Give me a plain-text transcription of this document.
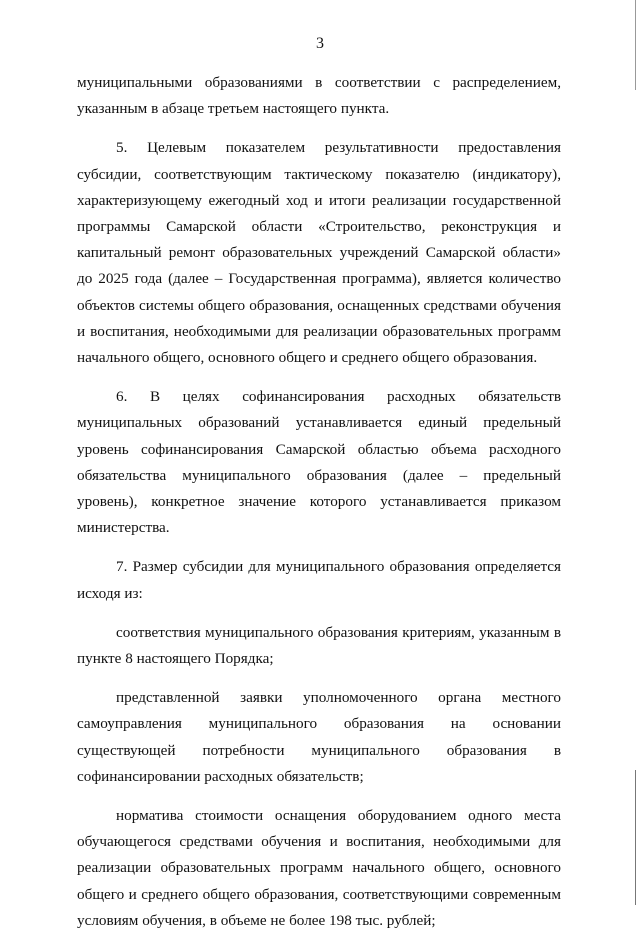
3

муниципальными образованиями в соответствии с распределением, указанным в абзаце третьем настоящего пункта.

5. Целевым показателем результативности предоставления субсидии, соответствующим тактическому показателю (индикатору), характеризующему ежегодный ход и итоги реализации государственной программы Самарской области «Строительство, реконструкция и капитальный ремонт образовательных учреждений Самарской области» до 2025 года (далее – Государственная программа), является количество объектов системы общего образования, оснащенных средствами обучения и воспитания, необходимыми для реализации образовательных программ начального общего, основного общего и среднего общего образования.

6. В целях софинансирования расходных обязательств муниципальных образований устанавливается единый предельный уровень софинансирования Самарской областью объема расходного обязательства муниципального образования (далее – предельный уровень), конкретное значение которого устанавливается приказом министерства.

7. Размер субсидии для муниципального образования определяется исходя из:

соответствия муниципального образования критериям, указанным в пункте 8 настоящего Порядка;

представленной заявки уполномоченного органа местного самоуправления муниципального образования на основании существующей потребности муниципального образования в софинансировании расходных обязательств;

норматива стоимости оснащения оборудованием одного места обучающегося средствами обучения и воспитания, необходимыми для реализации образовательных программ начального общего, основного общего и среднего общего образования, соответствующими современным условиям обучения, в объеме не более 198 тыс. рублей;
